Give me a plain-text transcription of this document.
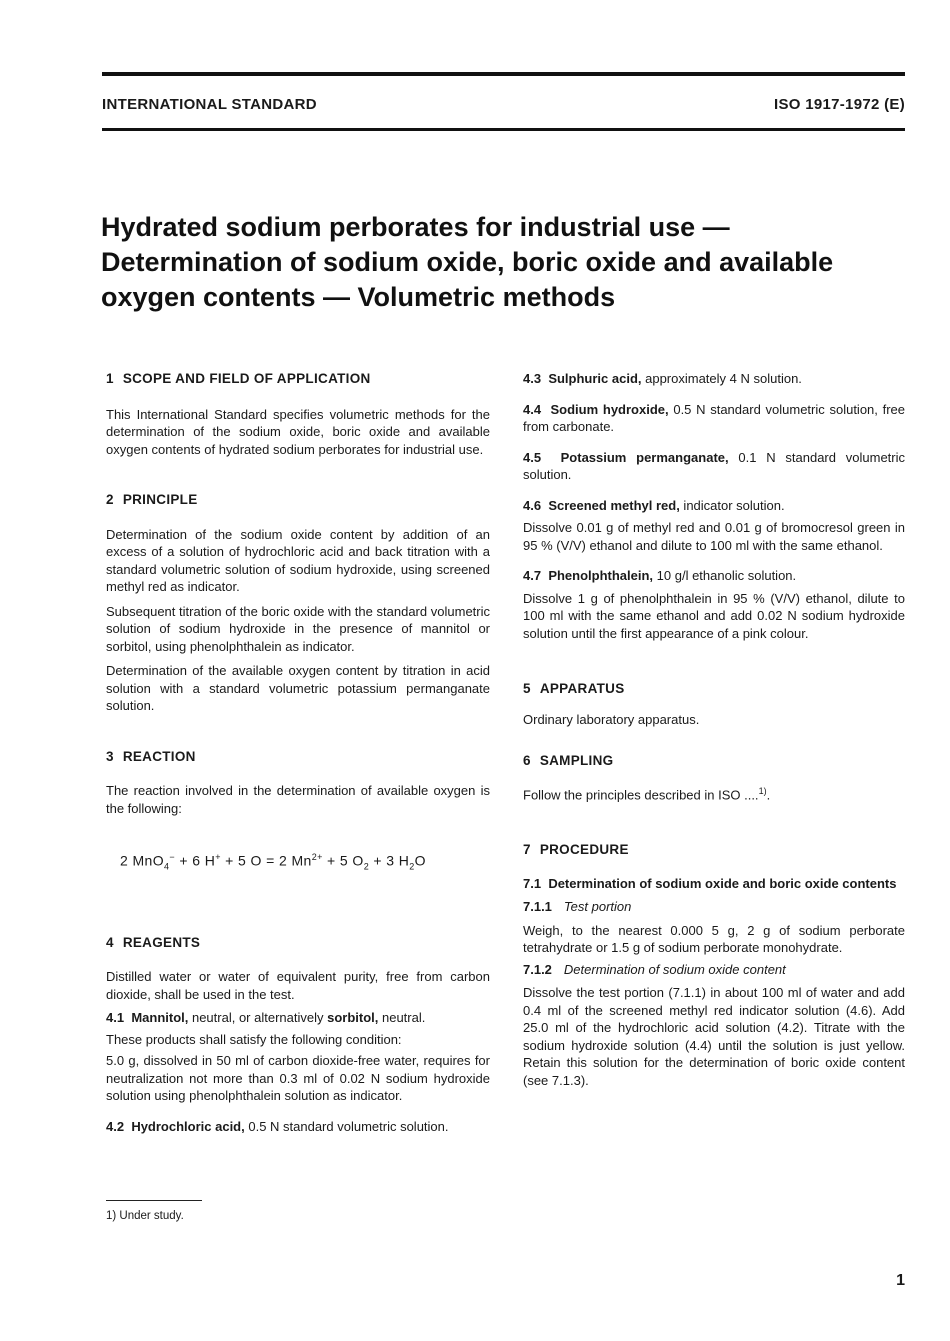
INTERNATIONAL STANDARD	ISO 1917-1972 (E)
Hydrated sodium perborates for industrial use —
Determination of sodium oxide, boric oxide and available
oxygen contents — Volumetric methods

1 SCOPE AND FIELD OF APPLICATION

This International Standard specifies volumetric methods for the determination of the sodium oxide, boric oxide and available oxygen contents of hydrated sodium perborates for industrial use.

2 PRINCIPLE

Determination of the sodium oxide content by addition of an excess of a solution of hydrochloric acid and back titration with a standard volumetric solution of sodium hydroxide, using screened methyl red as indicator.

Subsequent titration of the boric oxide with the standard volumetric solution of sodium hydroxide in the presence of mannitol or sorbitol, using phenolphthalein as indicator.

Determination of the available oxygen content by titration in acid solution with a standard volumetric potassium permanganate solution.

3 REACTION

The reaction involved in the determination of available oxygen is the following:

2 MnO$_4$− + 6 H+ + 5 O = 2 $Mn^{2+} + 5$ $O_2 + 3$ $H_2O$

4 REAGENTS

Distilled water or water of equivalent purity, free from carbon dioxide, shall be used in the test.

4.1 Mannitol, neutral, or alternatively sorbitol, neutral.

These products shall satisfy the following condition:

5.0 g, dissolved in 50 ml of carbon dioxide-free water, requires for neutralization not more than 0.3 ml of 0.02 N sodium hydroxide solution using phenolphthalein solution as indicator.

4.2 Hydrochloric acid, 0.5 N standard volumetric solution.

4.3 Sulphuric acid, approximately 4 N solution.

4.4 Sodium hydroxide, 0.5 N standard volumetric solution, free from carbonate.

4.5 Potassium permanganate, 0.1 N standard volumetric solution.

4.6 Screened methyl red, indicator solution.

Dissolve 0.01 g of methyl red and 0.01 g of bromocresol green in 95 % (V/V) ethanol and dilute to 100 ml with the same ethanol.

4.7 Phenolphthalein, 10 g/l ethanolic solution.

Dissolve 1 g of phenolphthalein in 95 % (V/V) ethanol, dilute to 100 ml with the same ethanol and add 0.02 N sodium hydroxide solution until the first appearance of a pink colour.

5 APPARATUS

Ordinary laboratory apparatus.

6 SAMPLING

Follow the principles described in ISO ....$^{1)}$.

7 PROCEDURE

7.1 Determination of sodium oxide and boric oxide contents

7.1.1 Test portion

Weigh, to the nearest 0.000 5 g, 2 g of sodium perborate tetrahydrate or 1.5 g of sodium perborate monohydrate.

7.1.2 Determination of sodium oxide content

Dissolve the test portion (7.1.1) in about 100 ml of water and add 0.4 ml of the screened methyl red indicator solution (4.6). Add 25.0 ml of the hydrochloric acid solution (4.2). Titrate with the sodium hydroxide solution (4.4) until the solution is just yellow. Retain this solution for the determination of boric oxide content (see 7.1.3).

1) Under study.
1
